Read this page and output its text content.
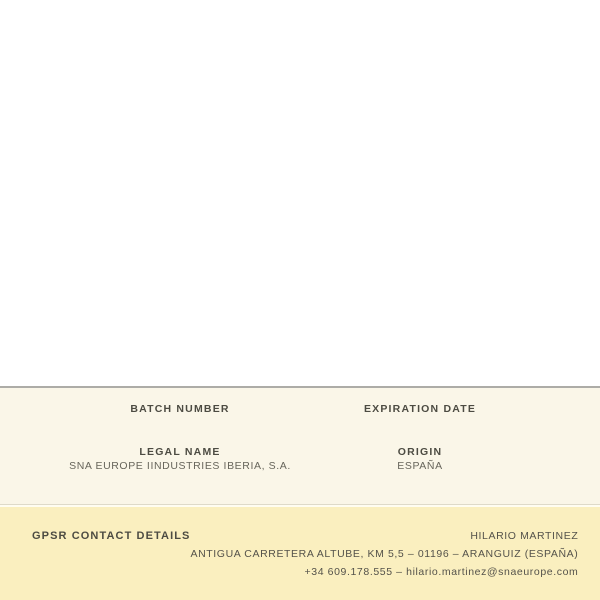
BATCH NUMBER	EXPIRATION DATE
LEGAL NAME
SNA EUROPE IINDUSTRIES IBERIA, S.A.
ORIGIN
ESPAÑA
GPSR CONTACT DETAILS	HILARIO MARTINEZ
ANTIGUA CARRETERA ALTUBE, KM 5,5 – 01196 – ARANGUIZ (ESPAÑA)
+34 609.178.555 – hilario.martinez@snaeurope.com
